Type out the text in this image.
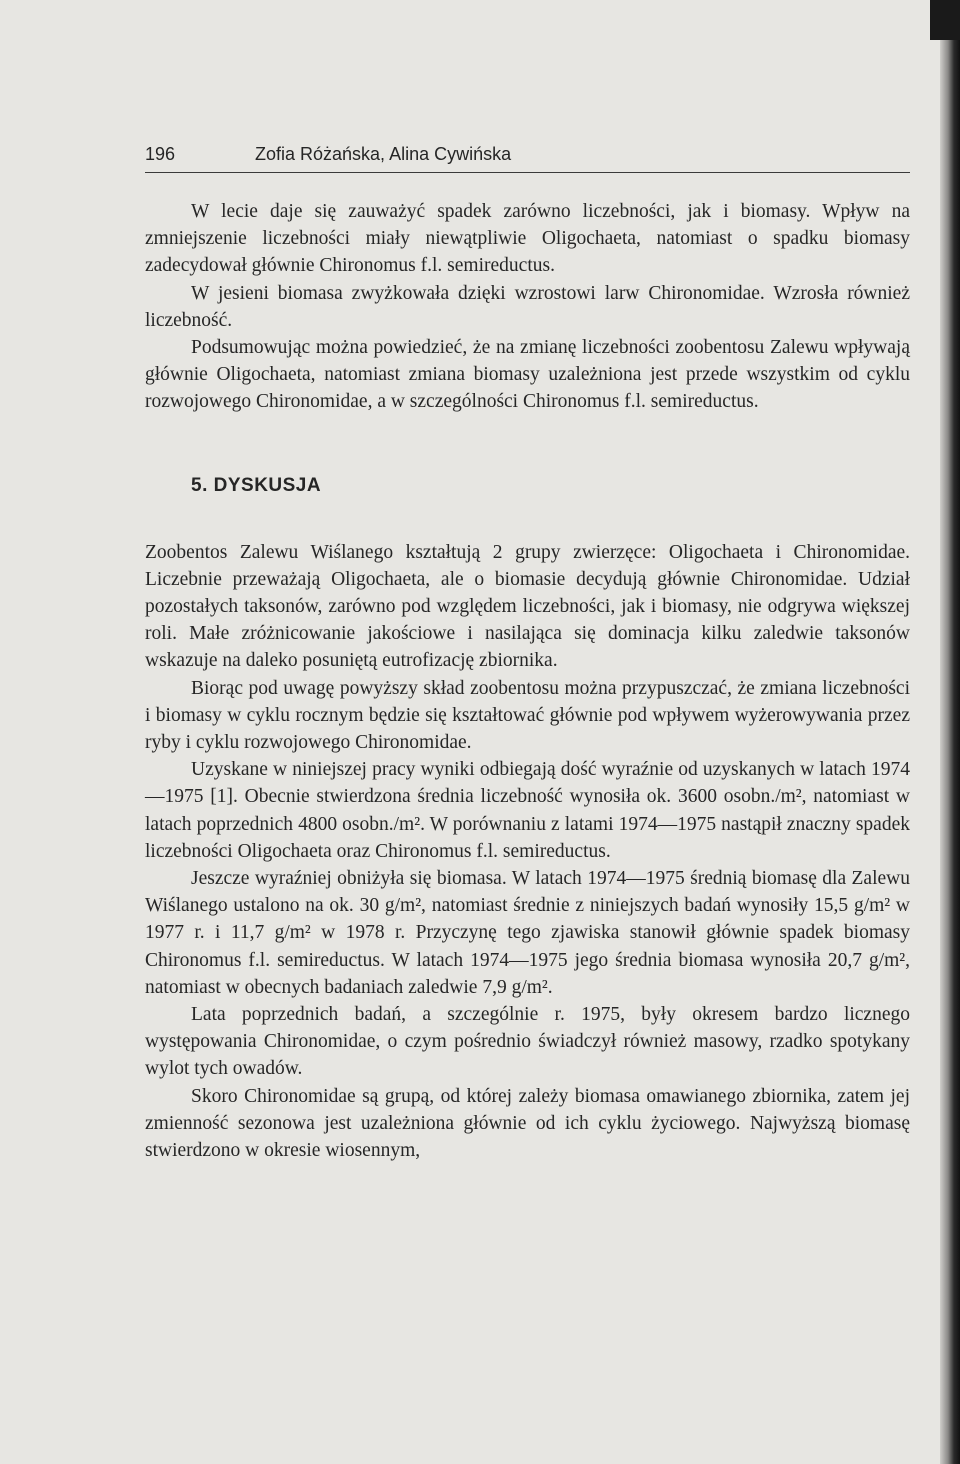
196	Zofia Różańska, Alina Cywińska

W lecie daje się zauważyć spadek zarówno liczebności, jak i biomasy. Wpływ na zmniejszenie liczebności miały niewątpliwie Oligochaeta, natomiast o spadku biomasy zadecydował głównie Chironomus f.l. semireductus.

W jesieni biomasa zwyżkowała dzięki wzrostowi larw Chironomidae. Wzrosła również liczebność.

Podsumowując można powiedzieć, że na zmianę liczebności zoobentosu Zalewu wpływają głównie Oligochaeta, natomiast zmiana biomasy uzależniona jest przede wszystkim od cyklu rozwojowego Chironomidae, a w szczególności Chironomus f.l. semireductus.

5. DYSKUSJA

Zoobentos Zalewu Wiślanego kształtują 2 grupy zwierzęce: Oligochaeta i Chironomidae. Liczebnie przeważają Oligochaeta, ale o biomasie decydują głównie Chironomidae. Udział pozostałych taksonów, zarówno pod względem liczebności, jak i biomasy, nie odgrywa większej roli. Małe zróżnicowanie jakościowe i nasilająca się dominacja kilku zaledwie taksonów wskazuje na daleko posuniętą eutrofizację zbiornika.

Biorąc pod uwagę powyższy skład zoobentosu można przypuszczać, że zmiana liczebności i biomasy w cyklu rocznym będzie się kształtować głównie pod wpływem wyżerowywania przez ryby i cyklu rozwojowego Chironomidae.

Uzyskane w niniejszej pracy wyniki odbiegają dość wyraźnie od uzyskanych w latach 1974—1975 [1]. Obecnie stwierdzona średnia liczebność wynosiła ok. 3600 osobn./m², natomiast w latach poprzednich 4800 osobn./m². W porównaniu z latami 1974—1975 nastąpił znaczny spadek liczebności Oligochaeta oraz Chironomus f.l. semireductus.

Jeszcze wyraźniej obniżyła się biomasa. W latach 1974—1975 średnią biomasę dla Zalewu Wiślanego ustalono na ok. 30 g/m², natomiast średnie z niniejszych badań wynosiły 15,5 g/m² w 1977 r. i 11,7 g/m² w 1978 r. Przyczynę tego zjawiska stanowił głównie spadek biomasy Chironomus f.l. semireductus. W latach 1974—1975 jego średnia biomasa wynosiła 20,7 g/m², natomiast w obecnych badaniach zaledwie 7,9 g/m².

Lata poprzednich badań, a szczególnie r. 1975, były okresem bardzo licznego występowania Chironomidae, o czym pośrednio świadczył również masowy, rzadko spotykany wylot tych owadów.

Skoro Chironomidae są grupą, od której zależy biomasa omawianego zbiornika, zatem jej zmienność sezonowa jest uzależniona głównie od ich cyklu życiowego. Najwyższą biomasę stwierdzono w okresie wiosennym,
